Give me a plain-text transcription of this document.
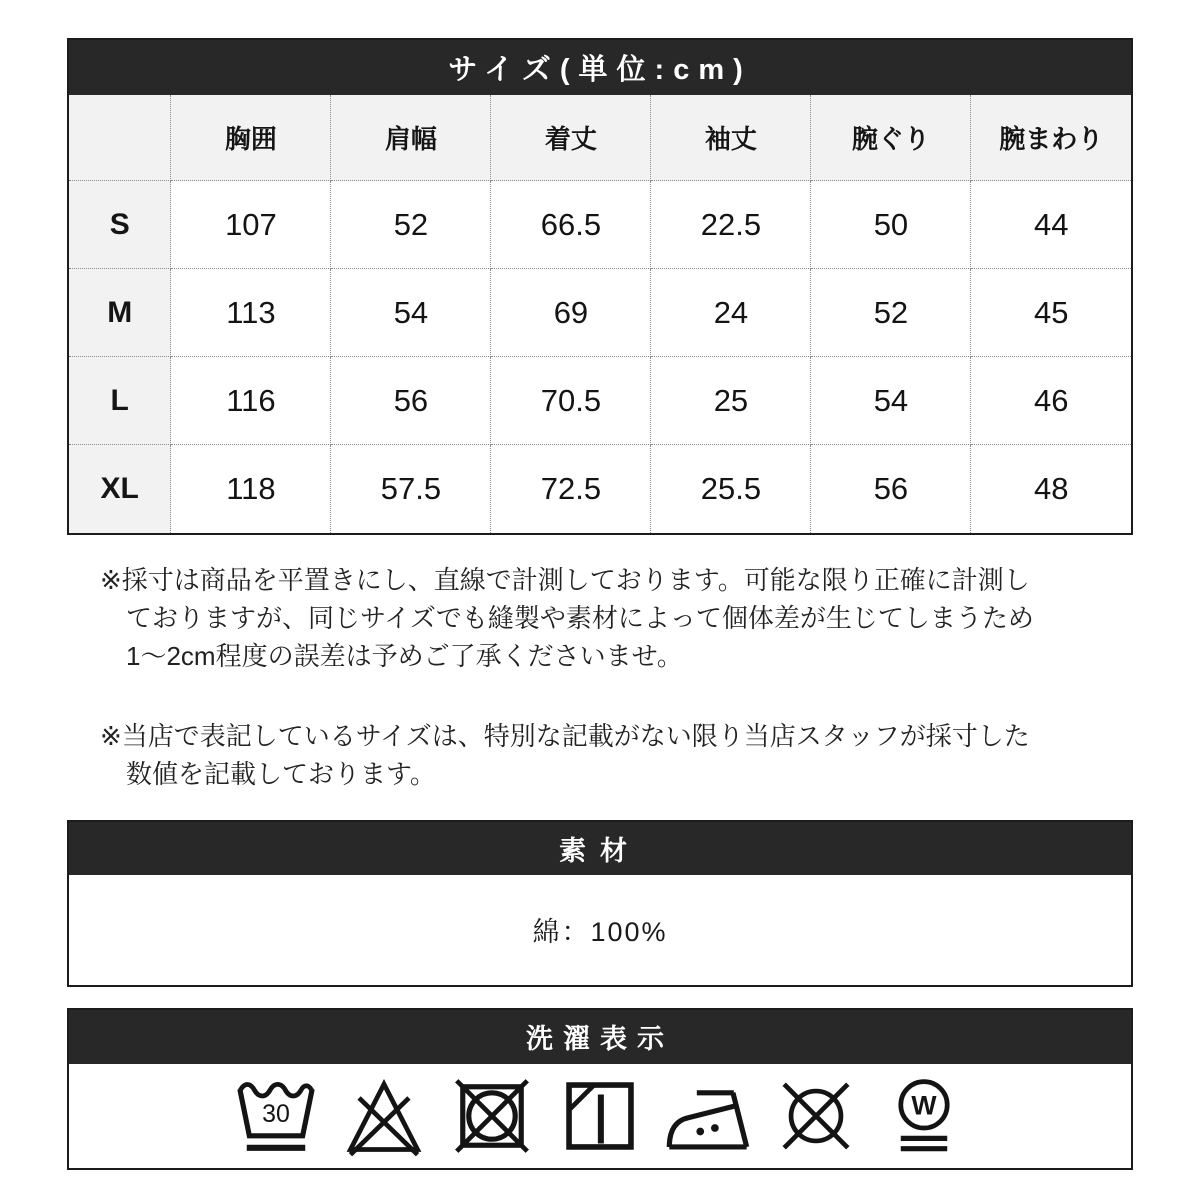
サイズ(単位:cm)
	胸囲	肩幅	着丈	袖丈	腕ぐり	腕まわり
S	107	52	66.5	22.5	50	44
M	113	54	69	24	52	45
L	116	56	70.5	25	54	46
XL	118	57.5	72.5	25.5	56	48

※採寸は商品を平置きにし、直線で計測しております。可能な限り正確に計測しておりますが、同じサイズでも縫製や素材によって個体差が生じてしまうため1〜2cm程度の誤差は予めご了承くださいませ。

※当店で表記しているサイズは、特別な記載がない限り当店スタッフが採寸した数値を記載しております。

素材
綿：100%
洗濯表示
30	W
